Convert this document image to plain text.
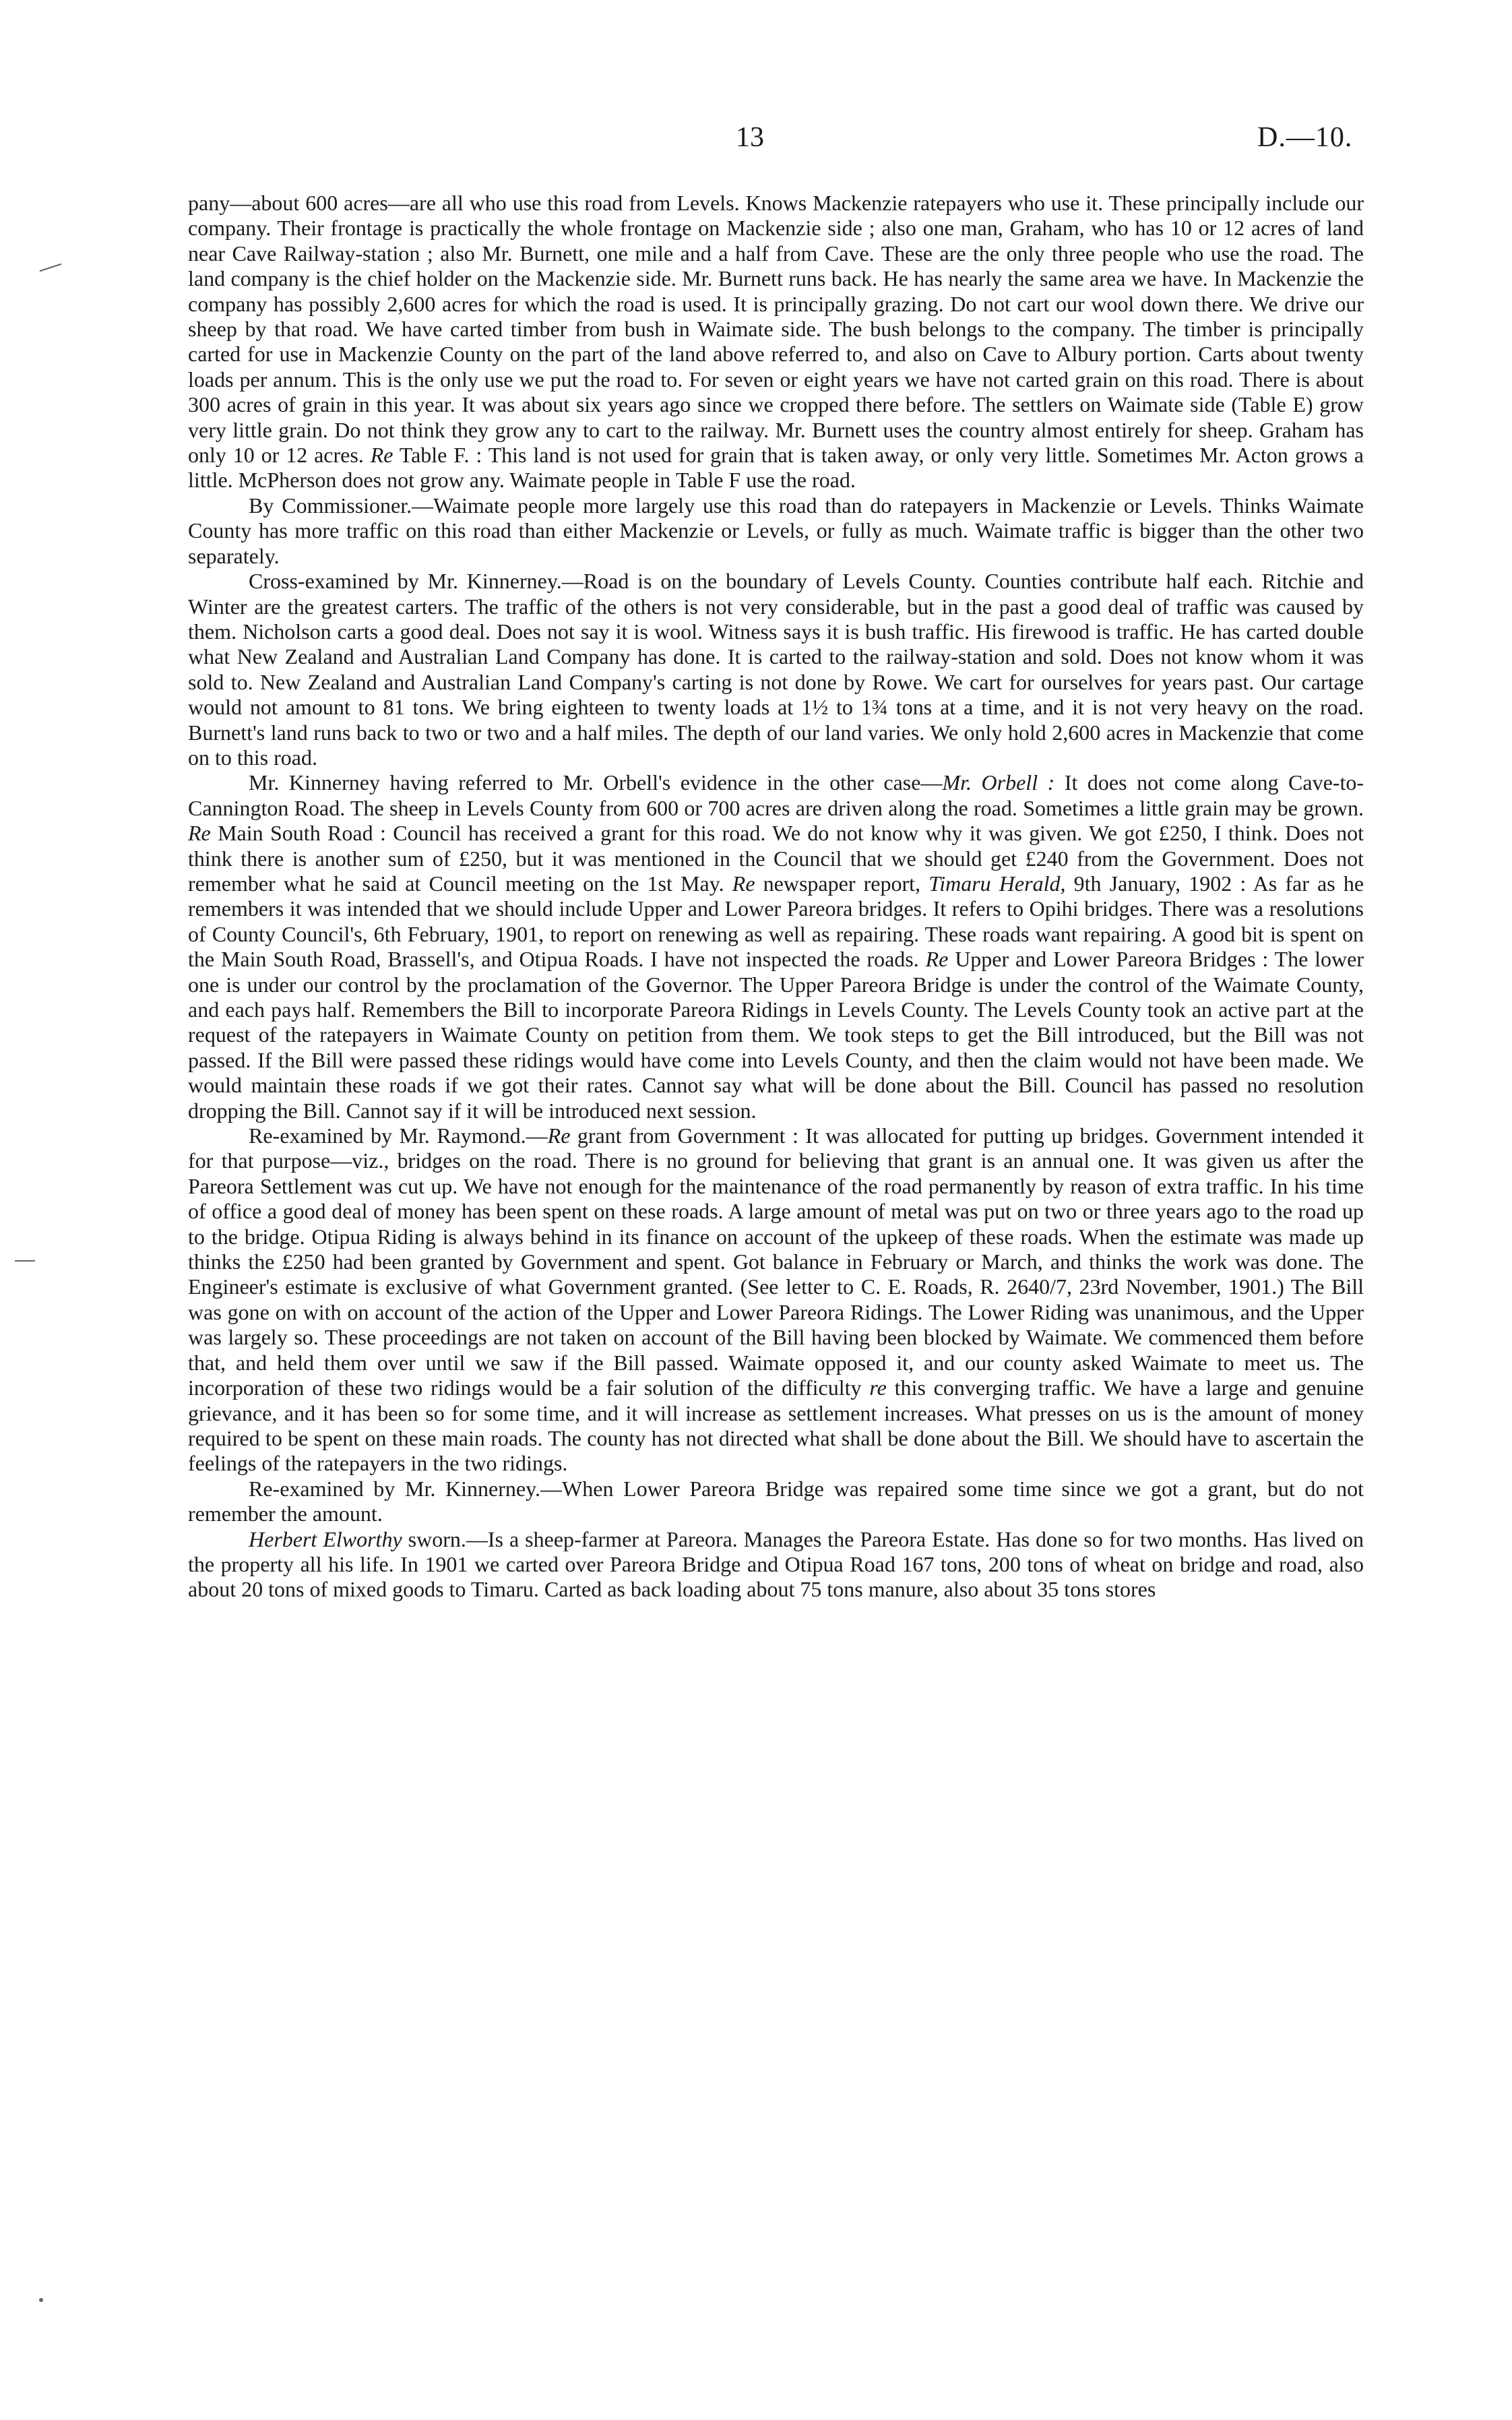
13	D.—10.

pany—about 600 acres—are all who use this road from Levels. Knows Mackenzie ratepayers who use it. These principally include our company. Their frontage is practically the whole frontage on Mackenzie side ; also one man, Graham, who has 10 or 12 acres of land near Cave Railway-station ; also Mr. Burnett, one mile and a half from Cave. These are the only three people who use the road. The land company is the chief holder on the Mackenzie side. Mr. Burnett runs back. He has nearly the same area we have. In Mackenzie the company has possibly 2,600 acres for which the road is used. It is principally grazing. Do not cart our wool down there. We drive our sheep by that road. We have carted timber from bush in Waimate side. The bush belongs to the company. The timber is principally carted for use in Mackenzie County on the part of the land above referred to, and also on Cave to Albury portion. Carts about twenty loads per annum. This is the only use we put the road to. For seven or eight years we have not carted grain on this road. There is about 300 acres of grain in this year. It was about six years ago since we cropped there before. The settlers on Waimate side (Table E) grow very little grain. Do not think they grow any to cart to the railway. Mr. Burnett uses the country almost entirely for sheep. Graham has only 10 or 12 acres. Re Table F. : This land is not used for grain that is taken away, or only very little. Sometimes Mr. Acton grows a little. McPherson does not grow any. Waimate people in Table F use the road.

By Commissioner.—Waimate people more largely use this road than do ratepayers in Mackenzie or Levels. Thinks Waimate County has more traffic on this road than either Mackenzie or Levels, or fully as much. Waimate traffic is bigger than the other two separately.

Cross-examined by Mr. Kinnerney.—Road is on the boundary of Levels County. Counties contribute half each. Ritchie and Winter are the greatest carters. The traffic of the others is not very considerable, but in the past a good deal of traffic was caused by them. Nicholson carts a good deal. Does not say it is wool. Witness says it is bush traffic. His firewood is traffic. He has carted double what New Zealand and Australian Land Company has done. It is carted to the railway-station and sold. Does not know whom it was sold to. New Zealand and Australian Land Company's carting is not done by Rowe. We cart for ourselves for years past. Our cartage would not amount to 81 tons. We bring eighteen to twenty loads at 1½ to 1¾ tons at a time, and it is not very heavy on the road. Burnett's land runs back to two or two and a half miles. The depth of our land varies. We only hold 2,600 acres in Mackenzie that come on to this road.

Mr. Kinnerney having referred to Mr. Orbell's evidence in the other case—Mr. Orbell : It does not come along Cave-to-Cannington Road. The sheep in Levels County from 600 or 700 acres are driven along the road. Sometimes a little grain may be grown. Re Main South Road : Council has received a grant for this road. We do not know why it was given. We got £250, I think. Does not think there is another sum of £250, but it was mentioned in the Council that we should get £240 from the Government. Does not remember what he said at Council meeting on the 1st May. Re newspaper report, Timaru Herald, 9th January, 1902 : As far as he remembers it was intended that we should include Upper and Lower Pareora bridges. It refers to Opihi bridges. There was a resolutions of County Council's, 6th February, 1901, to report on renewing as well as repairing. These roads want repairing. A good bit is spent on the Main South Road, Brassell's, and Otipua Roads. I have not inspected the roads. Re Upper and Lower Pareora Bridges : The lower one is under our control by the proclamation of the Governor. The Upper Pareora Bridge is under the control of the Waimate County, and each pays half. Remembers the Bill to incorporate Pareora Ridings in Levels County. The Levels County took an active part at the request of the ratepayers in Waimate County on petition from them. We took steps to get the Bill introduced, but the Bill was not passed. If the Bill were passed these ridings would have come into Levels County, and then the claim would not have been made. We would maintain these roads if we got their rates. Cannot say what will be done about the Bill. Council has passed no resolution dropping the Bill. Cannot say if it will be introduced next session.

Re-examined by Mr. Raymond.—Re grant from Government : It was allocated for putting up bridges. Government intended it for that purpose—viz., bridges on the road. There is no ground for believing that grant is an annual one. It was given us after the Pareora Settlement was cut up. We have not enough for the maintenance of the road permanently by reason of extra traffic. In his time of office a good deal of money has been spent on these roads. A large amount of metal was put on two or three years ago to the road up to the bridge. Otipua Riding is always behind in its finance on account of the upkeep of these roads. When the estimate was made up thinks the £250 had been granted by Government and spent. Got balance in February or March, and thinks the work was done. The Engineer's estimate is exclusive of what Government granted. (See letter to C. E. Roads, R. 2640/7, 23rd November, 1901.) The Bill was gone on with on account of the action of the Upper and Lower Pareora Ridings. The Lower Riding was unanimous, and the Upper was largely so. These proceedings are not taken on account of the Bill having been blocked by Waimate. We commenced them before that, and held them over until we saw if the Bill passed. Waimate opposed it, and our county asked Waimate to meet us. The incorporation of these two ridings would be a fair solution of the difficulty re this converging traffic. We have a large and genuine grievance, and it has been so for some time, and it will increase as settlement increases. What presses on us is the amount of money required to be spent on these main roads. The county has not directed what shall be done about the Bill. We should have to ascertain the feelings of the ratepayers in the two ridings.

Re-examined by Mr. Kinnerney.—When Lower Pareora Bridge was repaired some time since we got a grant, but do not remember the amount.

Herbert Elworthy sworn.—Is a sheep-farmer at Pareora. Manages the Pareora Estate. Has done so for two months. Has lived on the property all his life. In 1901 we carted over Pareora Bridge and Otipua Road 167 tons, 200 tons of wheat on bridge and road, also about 20 tons of mixed goods to Timaru. Carted as back loading about 75 tons manure, also about 35 tons stores
